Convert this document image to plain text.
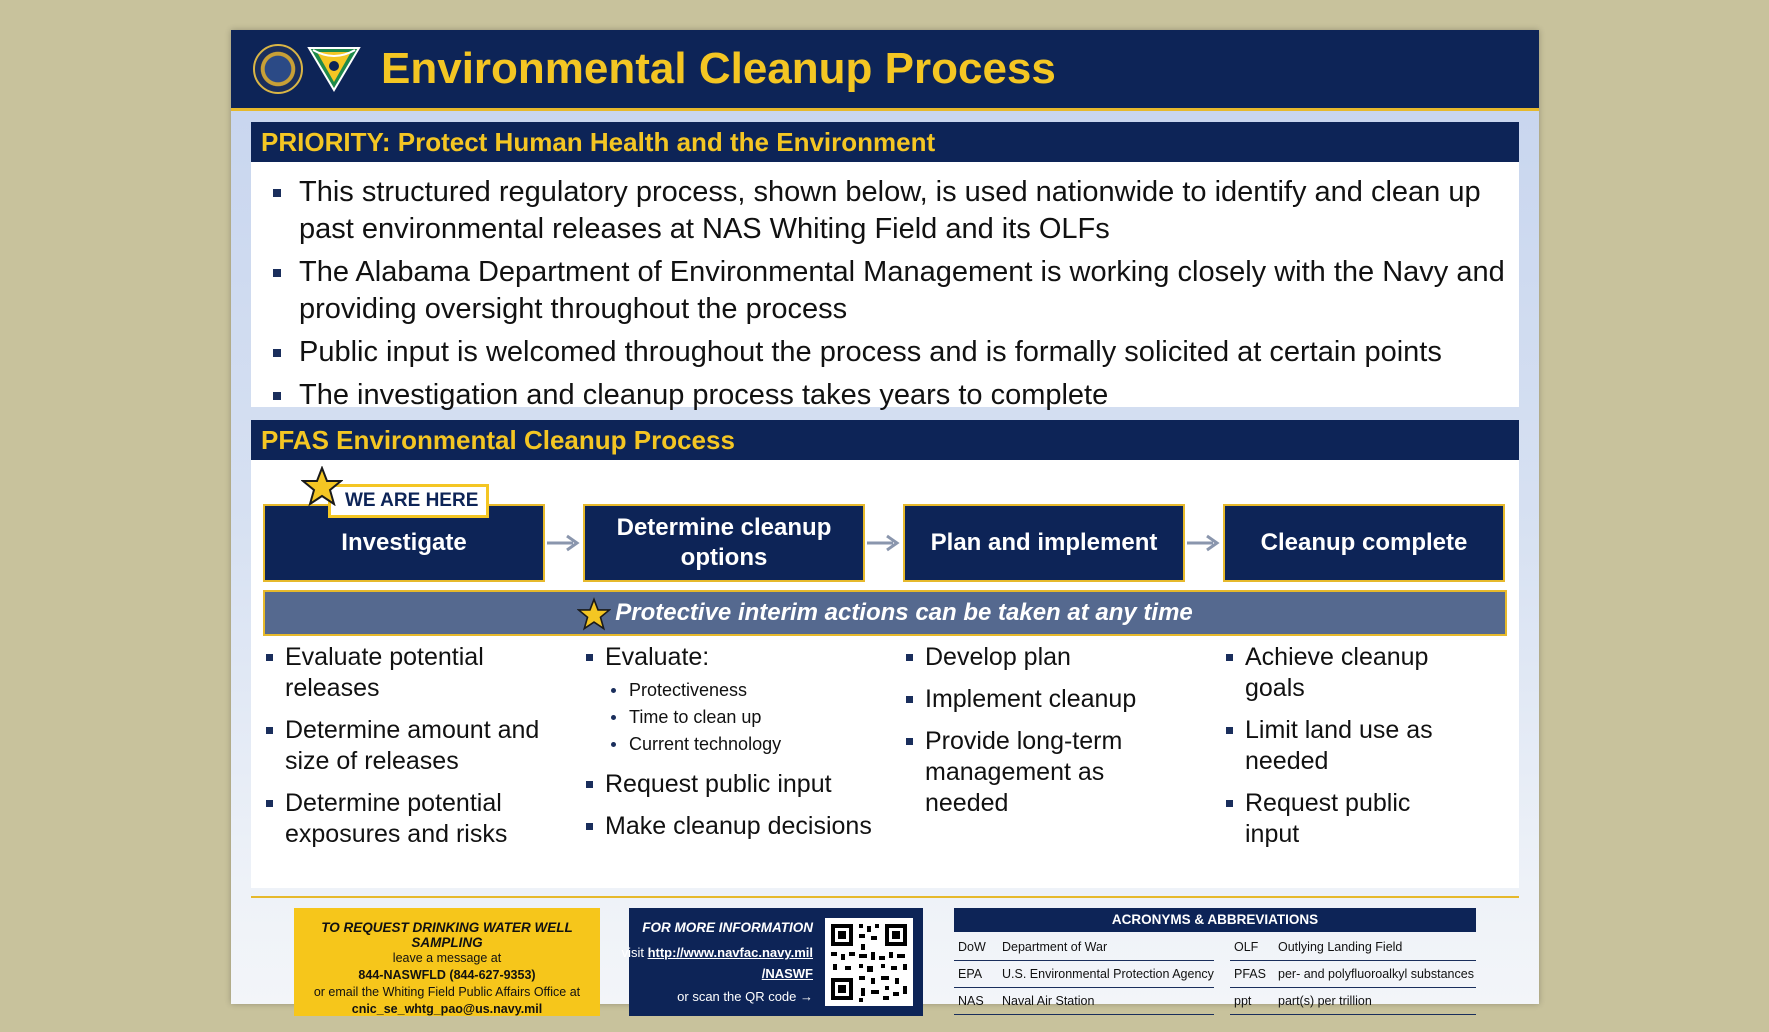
Environmental Cleanup Process
PRIORITY: Protect Human Health and the Environment
This structured regulatory process, shown below, is used nationwide to identify and clean up past environmental releases at NAS Whiting Field and its OLFs
The Alabama Department of Environmental Management is working closely with the Navy and providing oversight throughout the process
Public input is welcomed throughout the process and is formally solicited at certain points
The investigation and cleanup process takes years to complete
PFAS Environmental Cleanup Process
Investigate
Determine cleanup options
Plan and implement	Cleanup complete
WE ARE HERE
Protective interim actions can be taken at any time
Evaluate potential releases
Determine amount and size of releases
Determine potential exposures and risks
Evaluate:
Protectiveness
Time to clean up
Current technology
Request public input
Make cleanup decisions
Develop plan
Implement cleanup
Provide long-term management as needed
Achieve cleanup goals
Limit land use as needed
Request public input
TO REQUEST DRINKING WATER WELL SAMPLING
leave a message at
844-NASWFLD (844-627-9353)
or email the Whiting Field Public Affairs Office at
cnic_se_whtg_pao@us.navy.mil
FOR MORE INFORMATION
visit http://www.navfac.navy.mil
/NASWF
or scan the QR code →
ACRONYMS & ABBREVIATIONS
DoW Department of War
EPA U.S. Environmental Protection Agency
NAS Naval Air Station
OLF Outlying Landing Field
PFAS per- and polyfluoroalkyl substances
ppt part(s) per trillion
